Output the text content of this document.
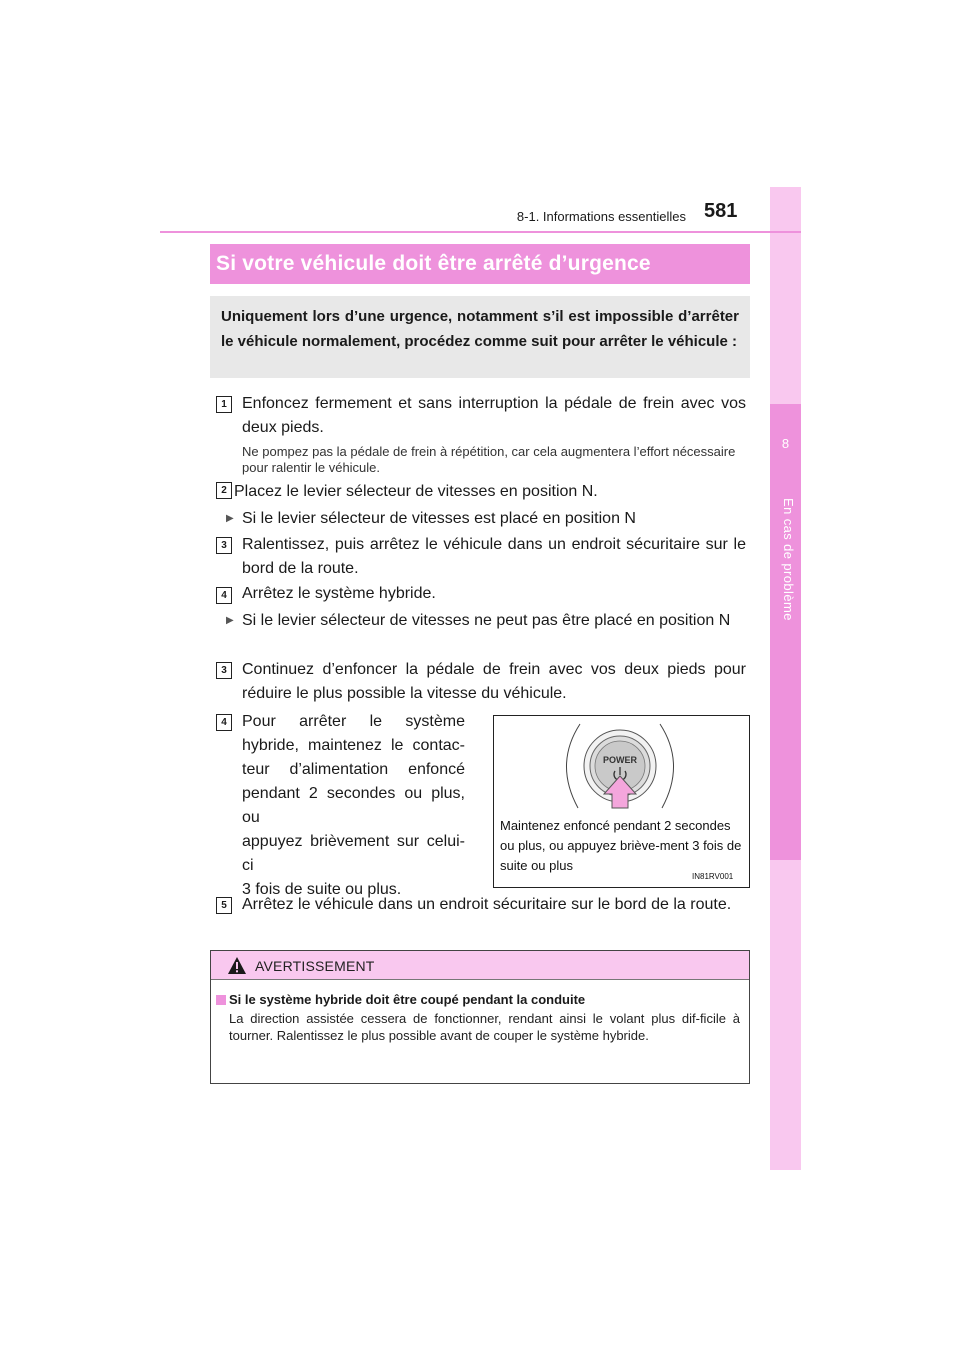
8
En cas de problème
8-1. Informations essentielles 581
Si votre véhicule doit être arrêté d’urgence
Uniquement lors d’une urgence, notamment s’il est impossible d’arrêter le véhicule normalement, procédez comme suit pour arrêter le véhicule :
1 Enfoncez fermement et sans interruption la pédale de frein avec vos deux pieds.
Ne pompez pas la pédale de frein à répétition, car cela augmentera l’effort nécessaire pour ralentir le véhicule.
2 Placez le levier sélecteur de vitesses en position N.
▶ Si le levier sélecteur de vitesses est placé en position N
3 Ralentissez, puis arrêtez le véhicule dans un endroit sécuritaire sur le bord de la route.
4 Arrêtez le système hybride.
▶ Si le levier sélecteur de vitesses ne peut pas être placé en position N
3 Continuez d’enfoncer la pédale de frein avec vos deux pieds pour réduire le plus possible la vitesse du véhicule.
4 Pour arrêter le système
hybride, maintenez le contac-
teur d’alimentation enfoncé
pendant 2 secondes ou plus, ou
appuyez brièvement sur celui-ci
3 fois de suite ou plus.
POWER
Maintenez enfoncé pendant 2 secondes ou plus, ou appuyez briève-ment 3 fois de suite ou plus
IN81RV001
5 Arrêtez le véhicule dans un endroit sécuritaire sur le bord de la route.
AVERTISSEMENT
Si le système hybride doit être coupé pendant la conduite
La direction assistée cessera de fonctionner, rendant ainsi le volant plus dif-ficile à tourner. Ralentissez le plus possible avant de couper le système hybride.
